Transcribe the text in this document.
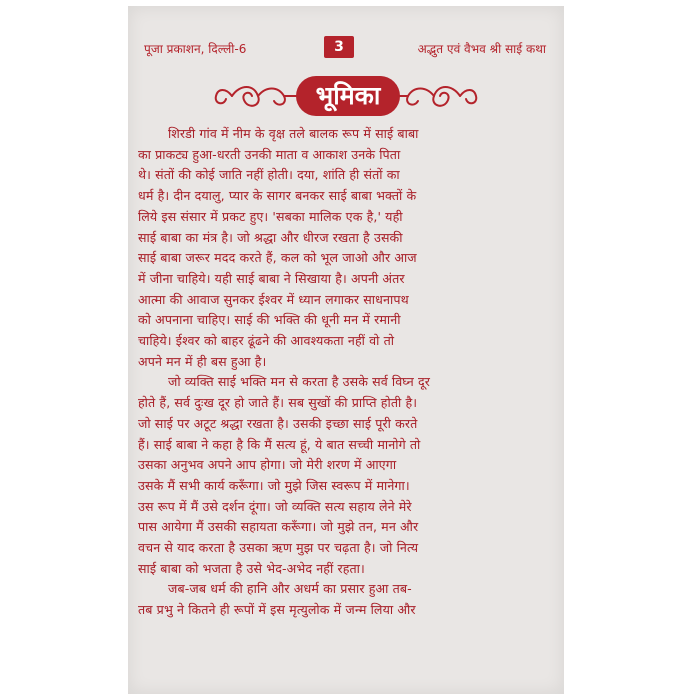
पूजा प्रकाशन, दिल्ली-6	3	अद्भुत एवं वैभव श्री साई कथा
भूमिका
शिरडी गांव में नीम के वृक्ष तले बालक रूप में साई बाबा
का प्राकट्य हुआ-धरती उनकी माता व आकाश उनके पिता
थे। संतों की कोई जाति नहीं होती। दया, शांति ही संतों का
धर्म है। दीन दयालु, प्यार के सागर बनकर साई बाबा भक्तों के
लिये इस संसार में प्रकट हुए। 'सबका मालिक एक है,' यही
साई बाबा का मंत्र है। जो श्रद्धा और धीरज रखता है उसकी
साई बाबा जरूर मदद करते हैं, कल को भूल जाओ और आज
में जीना चाहिये। यही साई बाबा ने सिखाया है। अपनी अंतर
आत्मा की आवाज सुनकर ईश्वर में ध्यान लगाकर साधनापथ
को अपनाना चाहिए। साई की भक्ति की धूनी मन में रमानी
चाहिये। ईश्वर को बाहर ढूंढने की आवश्यकता नहीं वो तो
अपने मन में ही बस हुआ है।
जो व्यक्ति साई भक्ति मन से करता है उसके सर्व विघ्न दूर
होते हैं, सर्व दुःख दूर हो जाते हैं। सब सुखों की प्राप्ति होती है।
जो साई पर अटूट श्रद्धा रखता है। उसकी इच्छा साई पूरी करते
हैं। साई बाबा ने कहा है कि मैं सत्य हूं, ये बात सच्ची मानोगे तो
उसका अनुभव अपने आप होगा। जो मेरी शरण में आएगा
उसके मैं सभी कार्य करूँगा। जो मुझे जिस स्वरूप में मानेगा।
उस रूप में मैं उसे दर्शन दूंगा। जो व्यक्ति सत्य सहाय लेने मेरे
पास आयेगा मैं उसकी सहायता करूँगा। जो मुझे तन, मन और
वचन से याद करता है उसका ऋण मुझ पर चढ़ता है। जो नित्य
साई बाबा को भजता है उसे भेद-अभेद नहीं रहता।
जब-जब धर्म की हानि और अधर्म का प्रसार हुआ तब-
तब प्रभु ने कितने ही रूपों में इस मृत्युलोक में जन्म लिया और
